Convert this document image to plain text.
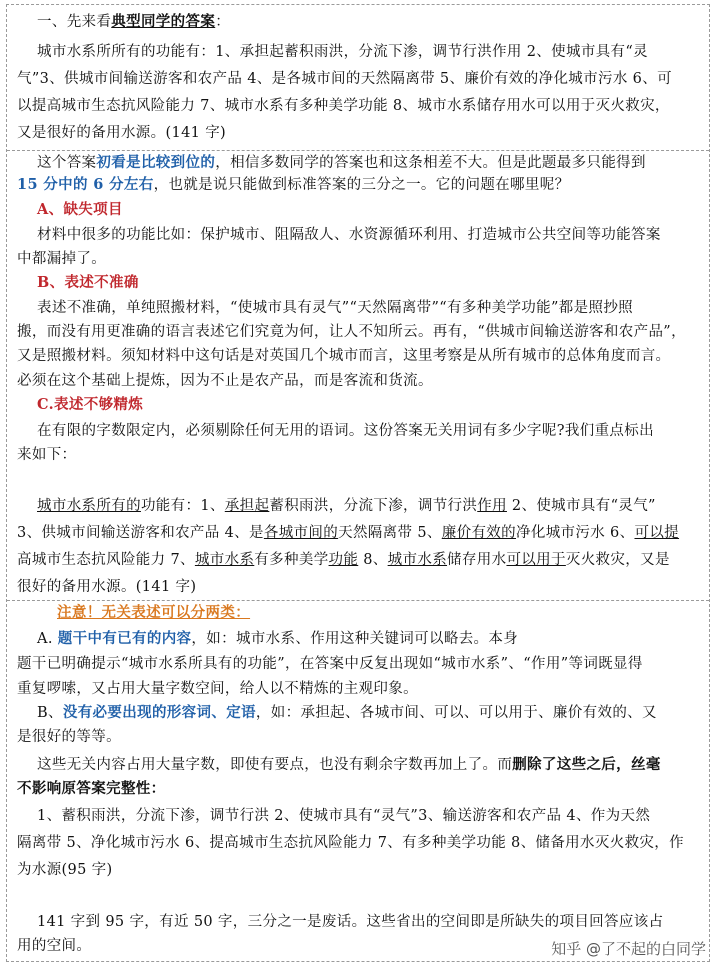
一、先来看典型同学的答案：
城市水系所所有的功能有：1、承担起蓄积雨洪，分流下渗，调节行洪作用 2、使城市具有“灵
气”3、供城市间输送游客和农产品 4、是各城市间的天然隔离带 5、廉价有效的净化城市污水 6、可
以提高城市生态抗风险能力 7、城市水系有多种美学功能 8、城市水系储存用水可以用于灭火救灾，
又是很好的备用水源。(141 字)
这个答案初看是比较到位的，相信多数同学的答案也和这条相差不大。但是此题最多只能得到
15 分中的 6 分左右，也就是说只能做到标准答案的三分之一。它的问题在哪里呢？
A、缺失项目
材料中很多的功能比如：保护城市、阻隔敌人、水资源循环利用、打造城市公共空间等功能答案
中都漏掉了。
B、表述不准确
表述不准确，单纯照搬材料，“使城市具有灵气”“天然隔离带”“有多种美学功能”都是照抄照
搬，而没有用更准确的语言表述它们究竟为何，让人不知所云。再有，“供城市间输送游客和农产品”，
又是照搬材料。须知材料中这句话是对英国几个城市而言，这里考察是从所有城市的总体角度而言。
必须在这个基础上提炼，因为不止是农产品，而是客流和货流。
C.表述不够精炼
在有限的字数限定内，必须剔除任何无用的语词。这份答案无关用词有多少字呢?我们重点标出
来如下：
城市水系所有的功能有：1、承担起蓄积雨洪，分流下渗，调节行洪作用 2、使城市具有“灵气”
3、供城市间输送游客和农产品 4、是各城市间的天然隔离带 5、廉价有效的净化城市污水 6、可以提
高城市生态抗风险能力 7、城市水系有多种美学功能 8、城市水系储存用水可以用于灭火救灾，又是
很好的备用水源。(141 字)
注意！无关表述可以分两类：
A. 题干中有已有的内容，如：城市水系、作用这种关键词可以略去。本身
题干已明确提示“城市水系所具有的功能”，在答案中反复出现如“城市水系”、“作用”等词既显得
重复啰嗦，又占用大量字数空间，给人以不精炼的主观印象。
B、没有必要出现的形容词、定语，如：承担起、各城市间、可以、可以用于、廉价有效的、又
是很好的等等。
这些无关内容占用大量字数，即使有要点，也没有剩余字数再加上了。而删除了这些之后，丝毫
不影响原答案完整性：
1、蓄积雨洪，分流下渗，调节行洪 2、使城市具有“灵气”3、输送游客和农产品 4、作为天然
隔离带 5、净化城市污水 6、提高城市生态抗风险能力 7、有多种美学功能 8、储备用水灭火救灾，作
为水源(95 字)
141 字到 95 字，有近 50 字，三分之一是废话。这些省出的空间即是所缺失的项目回答应该占
用的空间。	知乎 @了不起的白同学
